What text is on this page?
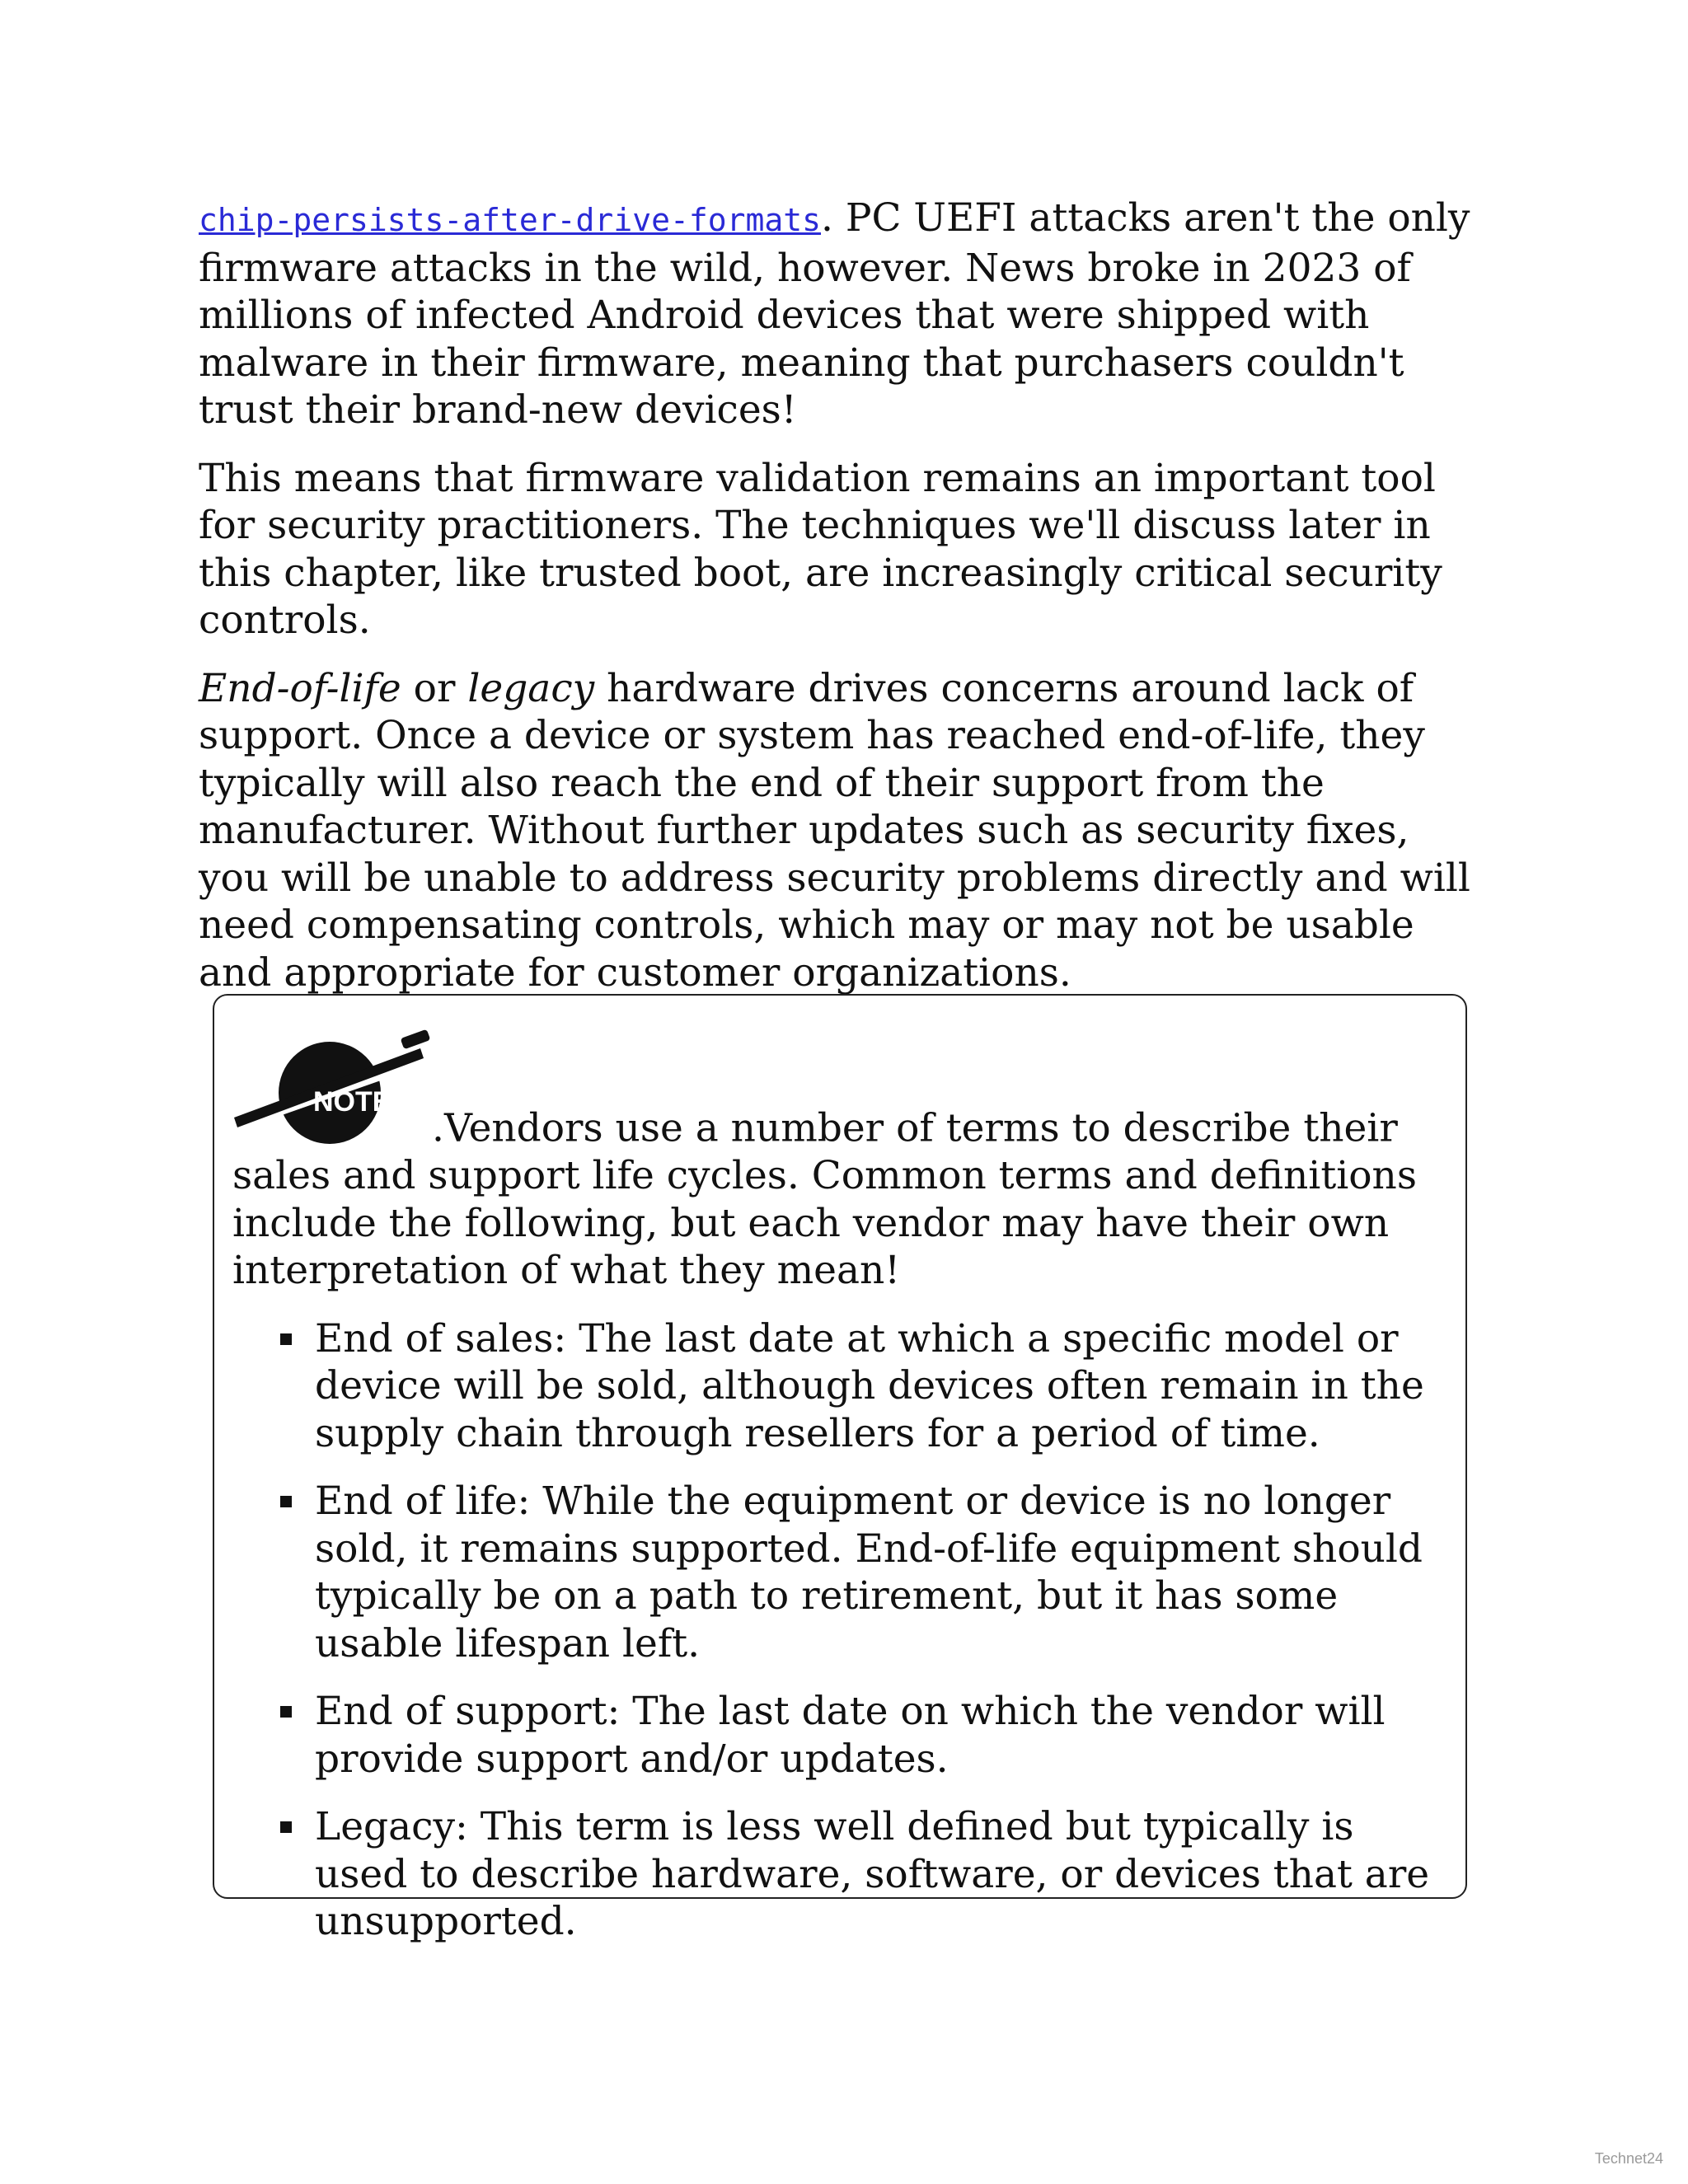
chip-persists-after-drive-formats. PC UEFI attacks aren't the only firmware attacks in the wild, however. News broke in 2023 of millions of infected Android devices that were shipped with malware in their firmware, meaning that purchasers couldn't trust their brand-new devices!

This means that firmware validation remains an important tool for security practitioners. The techniques we'll discuss later in this chapter, like trusted boot, are increasingly critical security controls.

End-of-life or legacy hardware drives concerns around lack of support. Once a device or system has reached end-of-life, they typically will also reach the end of their support from the manufacturer. Without further updates such as security fixes, you will be unable to address security problems directly and will need compensating controls, which may or may not be usable and appropriate for customer organizations.

NOTE
.Vendors use a number of terms to describe their sales and support life cycles. Common terms and definitions include the following, but each vendor may have their own interpretation of what they mean!

End of sales: The last date at which a specific model or device will be sold, although devices often remain in the supply chain through resellers for a period of time.
End of life: While the equipment or device is no longer sold, it remains supported. End-of-life equipment should typically be on a path to retirement, but it has some usable lifespan left.
End of support: The last date on which the vendor will provide support and/or updates.
Legacy: This term is less well defined but typically is used to describe hardware, software, or devices that are unsupported.
Technet24
